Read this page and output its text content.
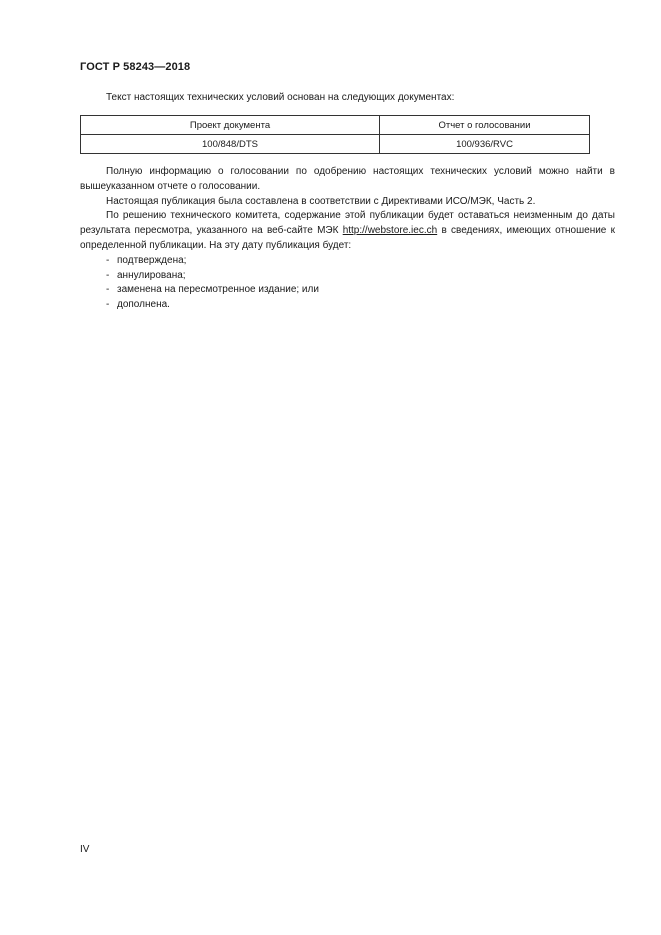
ГОСТ Р 58243—2018
Текст настоящих технических условий основан на следующих документах:
Проект документа	Отчет о голосовании
100/848/DTS	100/936/RVC

Полную информацию о голосовании по одобрению настоящих технических условий можно найти в вышеуказанном отчете о голосовании.

Настоящая публикация была составлена в соответствии с Директивами ИСО/МЭК, Часть 2.

По решению технического комитета, содержание этой публикации будет оставаться неизменным до даты результата пересмотра, указанного на веб-сайте МЭК http://webstore.iec.ch в сведениях, имеющих отношение к определенной публикации. На эту дату публикация будет:

- подтверждена;
- аннулирована;
- заменена на пересмотренное издание; или
- дополнена.
IV
